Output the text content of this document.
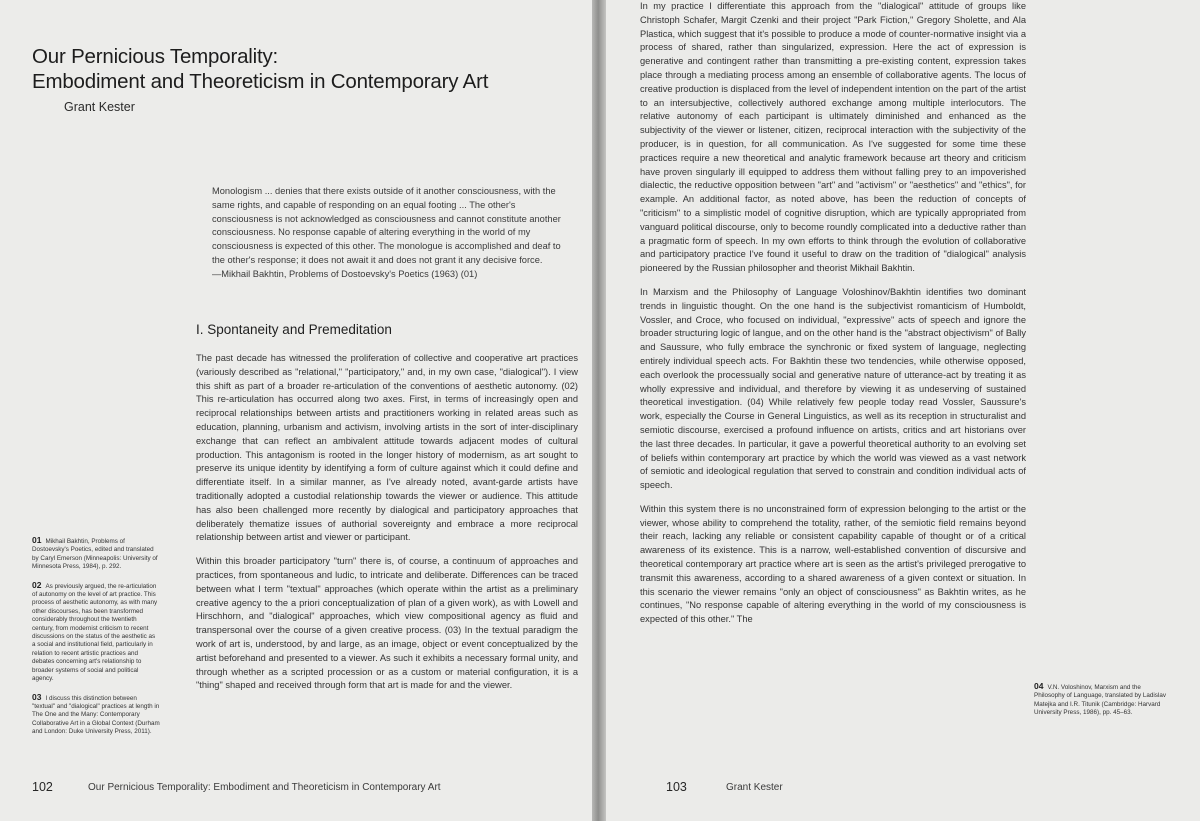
Our Pernicious Temporality:
Embodiment and Theoreticism in Contemporary Art
Grant Kester
Monologism ... denies that there exists outside of it another consciousness, with the same rights, and capable of responding on an equal footing ... The other's consciousness is not acknowledged as consciousness and cannot constitute another consciousness. No response capable of altering everything in the world of my consciousness is expected of this other. The monologue is accomplished and deaf to the other's response; it does not await it and does not grant it any decisive force.
—Mikhail Bakhtin, Problems of Dostoevsky's Poetics (1963) (01)
I. Spontaneity and Premeditation

The past decade has witnessed the proliferation of collective and cooperative art practices (variously described as "relational," "participatory," and, in my own case, "dialogical"). I view this shift as part of a broader re-articulation of the conventions of aesthetic autonomy. (02) This re-articulation has occurred along two axes. First, in terms of increasingly open and reciprocal relationships between artists and practitioners working in related areas such as education, planning, urbanism and activism, involving artists in the sort of inter-disciplinary exchange that can reflect an ambivalent attitude towards adjacent modes of cultural production. This antagonism is rooted in the longer history of modernism, as art sought to preserve its unique identity by identifying a form of culture against which it could define and differentiate itself. In a similar manner, as I've already noted, avant-garde artists have traditionally adopted a custodial relationship towards the viewer or audience. This attitude has also been challenged more recently by dialogical and participatory approaches that deliberately thematize issues of authorial sovereignty and embrace a more reciprocal relationship between artist and viewer or participant.

Within this broader participatory "turn" there is, of course, a continuum of approaches and practices, from spontaneous and ludic, to intricate and deliberate. Differences can be traced between what I term "textual" approaches (which operate within the artist as a preliminary creative agency to the a priori conceptualization of plan of a given work), as with Lowell and Hirschhorn, and "dialogical" approaches, which view compositional agency as fluid and transpersonal over the course of a given creative process. (03) In the textual paradigm the work of art is, understood, by and large, as an image, object or event conceptualized by the artist beforehand and presented to a viewer. As such it exhibits a necessary formal unity, and through whether as a scripted procession or as a custom or material configuration, it is a "thing" shaped and received through form that art is made for and the viewer.

01 Mikhail Bakhtin, Problems of Dostoevsky's Poetics, edited and translated by Caryl Emerson (Minneapolis: University of Minnesota Press, 1984), p. 292.
02 As previously argued, the re-articulation of autonomy on the level of art practice. This process of aesthetic autonomy, as with many other discourses, has been transformed considerably throughout the twentieth century, from modernist criticism to recent discussions on the status of the aesthetic as a social and institutional field, particularly in relation to recent artistic practices and debates concerning art's relationship to broader systems of social and political agency.
03 I discuss this distinction between "textual" and "dialogical" practices at length in The One and the Many: Contemporary Collaborative Art in a Global Context (Durham and London: Duke University Press, 2011).
102	Our Pernicious Temporality: Embodiment and Theoreticism in Contemporary Art

In my practice I differentiate this approach from the "dialogical" attitude of groups like Christoph Schafer, Margit Czenki and their project "Park Fiction," Gregory Sholette, and Ala Plastica, which suggest that it's possible to produce a mode of counter-normative insight via a process of shared, rather than singularized, expression. Here the act of expression is generative and contingent rather than transmitting a pre-existing content, expression takes place through a mediating process among an ensemble of collaborative agents. The locus of creative production is displaced from the level of independent intention on the part of the artist to an intersubjective, collectively authored exchange among multiple interlocutors. The relative autonomy of each participant is ultimately diminished and enhanced as the subjectivity of the viewer or listener, citizen, reciprocal interaction with the subjectivity of the producer, is in question, for all communication. As I've suggested for some time these practices require a new theoretical and analytic framework because art theory and criticism have proven singularly ill equipped to address them without falling prey to an impoverished dialectic, the reductive opposition between "art" and "activism" or "aesthetics" and "ethics", for example. An additional factor, as noted above, has been the reduction of concepts of "criticism" to a simplistic model of cognitive disruption, which are typically appropriated from vanguard political discourse, only to become roundly complicated into a deductive rather than a pragmatic form of speech. In my own efforts to think through the evolution of collaborative and participatory practice I've found it useful to draw on the tradition of "dialogical" analysis pioneered by the Russian philosopher and theorist Mikhail Bakhtin.

In Marxism and the Philosophy of Language Voloshinov/Bakhtin identifies two dominant trends in linguistic thought. On the one hand is the subjectivist romanticism of Humboldt, Vossler, and Croce, who focused on individual, "expressive" acts of speech and ignore the broader structuring logic of langue, and on the other hand is the "abstract objectivism" of Bally and Saussure, who fully embrace the synchronic or fixed system of language, neglecting entirely individual speech acts. For Bakhtin these two tendencies, while otherwise opposed, each overlook the processually social and generative nature of utterance-act by treating it as wholly expressive and individual, and therefore by viewing it as undeserving of sustained theoretical investigation. (04) While relatively few people today read Vossler, Saussure's work, especially the Course in General Linguistics, as well as its reception in structuralist and semiotic discourse, exercised a profound influence on artists, critics and art historians over the last three decades. In particular, it gave a powerful theoretical authority to an evolving set of beliefs within contemporary art practice by which the world was viewed as a vast network of semiotic and ideological regulation that served to constrain and condition individual acts of speech.

Within this system there is no unconstrained form of expression belonging to the artist or the viewer, whose ability to comprehend the totality, rather, of the semiotic field remains beyond their reach, lacking any reliable or consistent capability capable of thought or of a critical awareness of its existence. This is a narrow, well-established convention of discursive and theoretical contemporary art practice where art is seen as the artist's privileged prerogative to transmit this awareness, according to a shared awareness of a given context or situation. In this scenario the viewer remains "only an object of consciousness" as Bakhtin writes, as he continues, "No response capable of altering everything in the world of my consciousness is expected of this other." The

04 V.N. Voloshinov, Marxism and the Philosophy of Language, translated by Ladislav Matejka and I.R. Titunik (Cambridge: Harvard University Press, 1986), pp. 45–63.
103	Grant Kester
